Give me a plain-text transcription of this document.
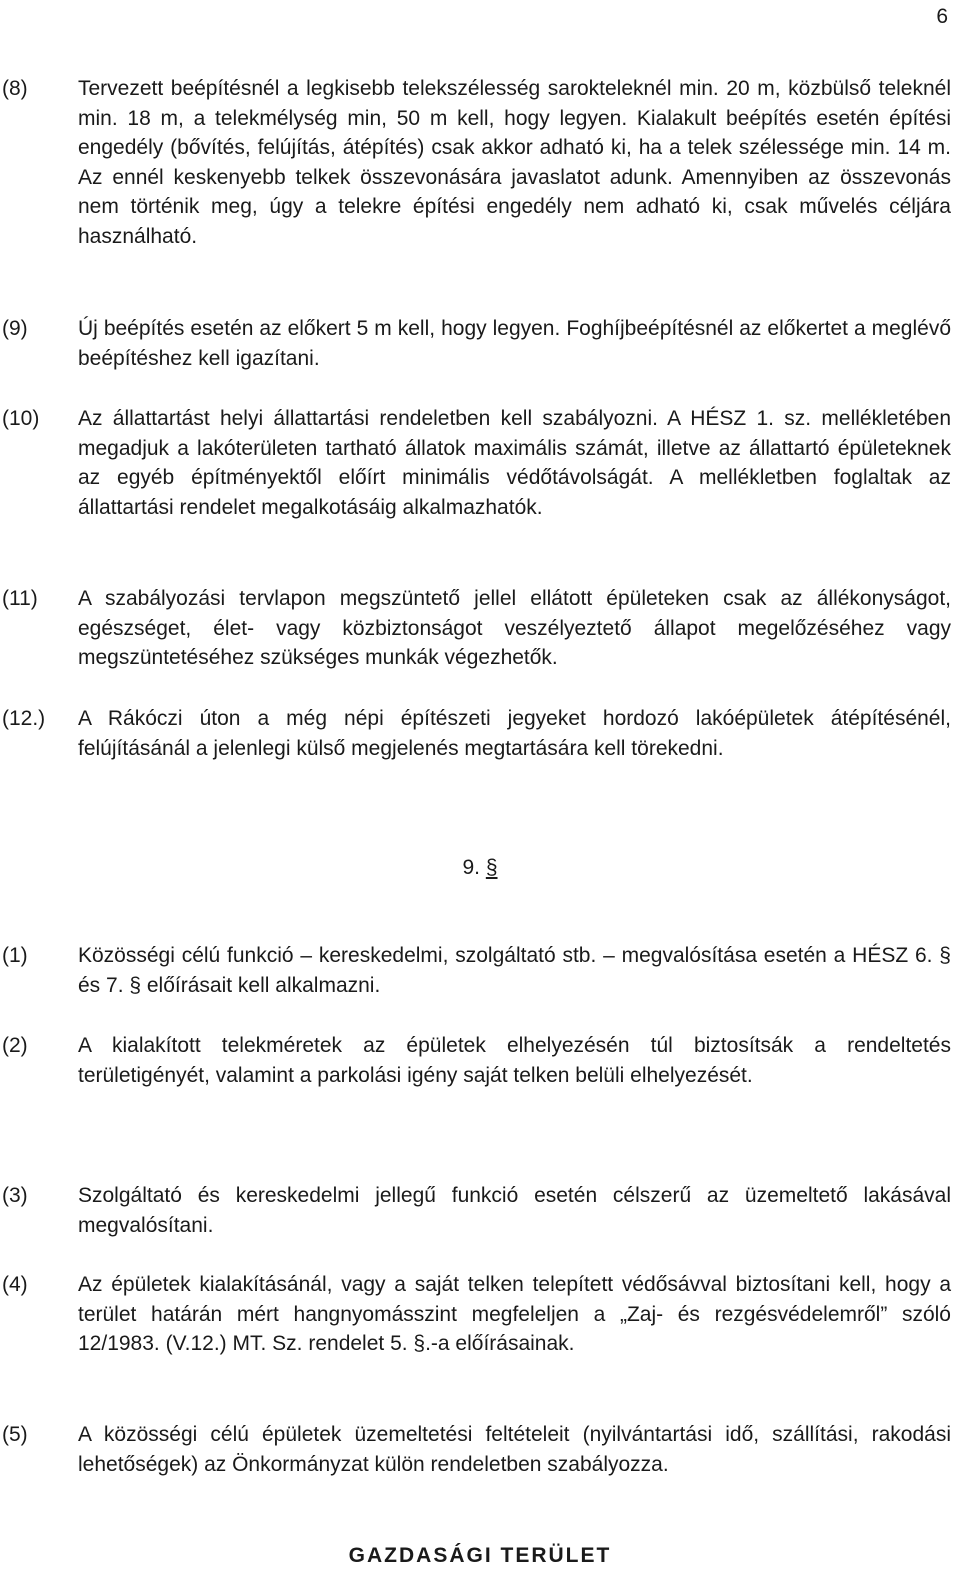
6
(8)	Tervezett beépítésnél a legkisebb telekszélesség sarokteleknél min. 20 m, közbülső teleknél min. 18 m, a telekmélység min, 50 m kell, hogy legyen. Kialakult beépítés esetén építési engedély (bővítés, felújítás, átépítés) csak akkor adható ki, ha a telek szélessége min. 14 m. Az ennél keskenyebb telkek összevonására javaslatot adunk. Amennyiben az összevonás nem történik meg, úgy a telekre építési engedély nem adható ki, csak művelés céljára használható.
(9)	Új beépítés esetén az előkert 5 m kell, hogy legyen. Foghíjbeépítésnél az előkertet a meglévő beépítéshez kell igazítani.
(10)	Az állattartást helyi állattartási rendeletben kell szabályozni. A HÉSZ 1. sz. mellékletében megadjuk a lakóterületen tartható állatok maximális számát, illetve az állattartó épületeknek az egyéb építményektől előírt minimális védőtávolságát. A mellékletben foglaltak az állattartási rendelet megalkotásáig alkalmazhatók.
(11)	A szabályozási tervlapon megszüntető jellel ellátott épületeken csak az állékonyságot, egészséget, élet- vagy közbiztonságot veszélyeztető állapot megelőzéséhez vagy megszüntetéséhez szükséges munkák végezhetők.
(12.)	A Rákóczi úton a még népi építészeti jegyeket hordozó lakóépületek átépítésénél, felújításánál a jelenlegi külső megjelenés megtartására kell törekedni.
9. §
(1)	Közösségi célú funkció – kereskedelmi, szolgáltató stb. – megvalósítása esetén a HÉSZ 6. § és 7. § előírásait kell alkalmazni.
(2)	A kialakított telekméretek az épületek elhelyezésén túl biztosítsák a rendeltetés területigényét, valamint a parkolási igény saját telken belüli elhelyezését.
(3)	Szolgáltató és kereskedelmi jellegű funkció esetén célszerű az üzemeltető lakásával megvalósítani.
(4)	Az épületek kialakításánál, vagy a saját telken telepített védősávval biztosítani kell, hogy a terület határán mért hangnyomásszint megfeleljen a „Zaj- és rezgésvédelemről” szóló 12/1983. (V.12.) MT. Sz. rendelet 5. §.-a előírásainak.
(5)	A közösségi célú épületek üzemeltetési feltételeit (nyilvántartási idő, szállítási, rakodási lehetőségek) az Önkormányzat külön rendeletben szabályozza.
GAZDASÁGI TERÜLET
